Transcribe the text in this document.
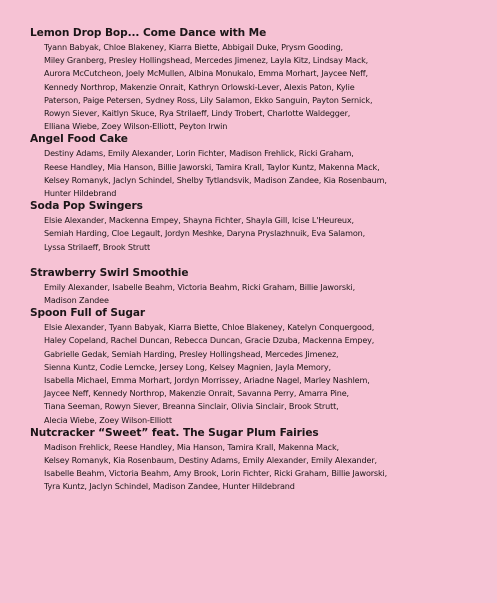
Lemon Drop Bop... Come Dance with Me
Tyann Babyak, Chloe Blakeney, Kiarra Biette, Abbigail Duke, Prysm Gooding,
Miley Granberg, Presley Hollingshead, Mercedes Jimenez, Layla Kitz, Lindsay Mack,
Aurora McCutcheon, Joely McMullen, Albina Monukalo, Emma Morhart, Jaycee Neff,
Kennedy Northrop, Makenzie Onrait, Kathryn Orlowski-Lever, Alexis Paton, Kylie
Paterson, Paige Petersen, Sydney Ross, Lily Salamon, Ekko Sanguin, Payton Sernick,
Rowyn Siever, Kaitlyn Skuce, Rya Strilaeff, Lindy Trobert, Charlotte Waldegger,
Elliana Wiebe, Zoey Wilson-Elliott, Peyton Irwin
Angel Food Cake
Destiny Adams, Emily Alexander, Lorin Fichter, Madison Frehlick, Ricki Graham,
Reese Handley, Mia Hanson, Billie Jaworski, Tamira Krall, Taylor Kuntz, Makenna Mack,
Kelsey Romanyk, Jaclyn Schindel, Shelby Tytlandsvik, Madison Zandee, Kia Rosenbaum,
Hunter Hildebrand
Soda Pop Swingers
Elsie Alexander, Mackenna Empey, Shayna Fichter, Shayla Gill, Icise L'Heureux,
Semiah Harding, Cloe Legault, Jordyn Meshke, Daryna Pryslazhnuik, Eva Salamon,
Lyssa Strilaeff, Brook Strutt
Strawberry Swirl Smoothie
Emily Alexander, Isabelle Beahm, Victoria Beahm, Ricki Graham, Billie Jaworski,
Madison Zandee
Spoon Full of Sugar
Elsie Alexander, Tyann Babyak, Kiarra Biette, Chloe Blakeney, Katelyn Conquergood,
Haley Copeland, Rachel Duncan, Rebecca Duncan, Gracie Dzuba, Mackenna Empey,
Gabrielle Gedak, Semiah Harding, Presley Hollingshead, Mercedes Jimenez,
Sienna Kuntz, Codie Lemcke, Jersey Long, Kelsey Magnien, Jayla Memory,
Isabella Michael, Emma Morhart, Jordyn Morrissey, Ariadne Nagel, Marley Nashlem,
Jaycee Neff, Kennedy Northrop, Makenzie Onrait, Savanna Perry, Amarra Pine,
Tiana Seeman, Rowyn Siever, Breanna Sinclair, Olivia Sinclair, Brook Strutt,
Alecia Wiebe, Zoey Wilson-Elliott
Nutcracker “Sweet” feat. The Sugar Plum Fairies
Madison Frehlick, Reese Handley, Mia Hanson, Tamira Krall, Makenna Mack,
Kelsey Romanyk, Kia Rosenbaum, Destiny Adams, Emily Alexander, Emily Alexander,
Isabelle Beahm, Victoria Beahm, Amy Brook, Lorin Fichter, Ricki Graham, Billie Jaworski,
Tyra Kuntz, Jaclyn Schindel, Madison Zandee, Hunter Hildebrand
